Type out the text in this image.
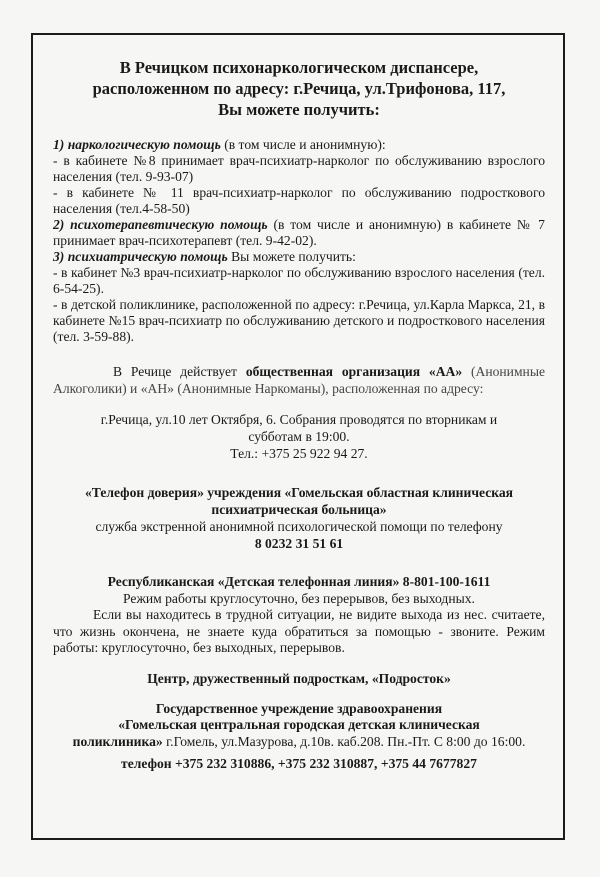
В Речицком психонаркологическом диспансере,
расположенном по адресу: г.Речица, ул.Трифонова, 117,
Вы можете получить:

1) наркологическую помощь (в том числе и анонимную):

- в кабинете №8 принимает врач-психиатр-нарколог по обслуживанию взрослого населения (тел. 9-93-07)

- в кабинете № 11 врач-психиатр-нарколог по обслуживанию подросткового населения (тел.4-58-50)

2) психотерапевтическую помощь (в том числе и анонимную) в кабинете № 7 принимает врач-психотерапевт (тел. 9-42-02).

3) психиатрическую помощь Вы можете получить:

- в кабинет №3 врач-психиатр-нарколог по обслуживанию взрослого населения (тел. 6-54-25).

- в детской поликлинике, расположенной по адресу: г.Речица, ул.Карла Маркса, 21, в кабинете №15 врач-психиатр по обслуживанию детского и подросткового населения (тел. 3-59-88).

В Речице действует общественная организация «АА» (Анонимные Алкоголики) и «АН» (Анонимные Наркоманы), расположенная по адресу:
г.Речица, ул.10 лет Октября, 6. Собрания проводятся по вторникам и
субботам в 19:00.
Тел.: +375 25 922 94 27.
«Телефон доверия» учреждения «Гомельская областная клиническая
психиатрическая больница»
служба экстренной анонимной психологической помощи по телефону
8 0232 31 51 61
Республиканская «Детская телефонная линия» 8-801-100-1611
Режим работы круглосуточно, без перерывов, без выходных.
Если вы находитесь в трудной ситуации, не видите выхода из нес. считаете, что жизнь окончена, не знаете куда обратиться за помощью - звоните. Режим работы: круглосуточно, без выходных, перерывов.
Центр, дружественный подросткам, «Подросток»
Государственное учреждение здравоохранения
«Гомельская центральная городская детская клиническая
поликлиника» г.Гомель, ул.Мазурова, д.10в. каб.208. Пн.-Пт. С 8:00 до 16:00.
телефон +375 232 310886, +375 232 310887, +375 44 7677827
